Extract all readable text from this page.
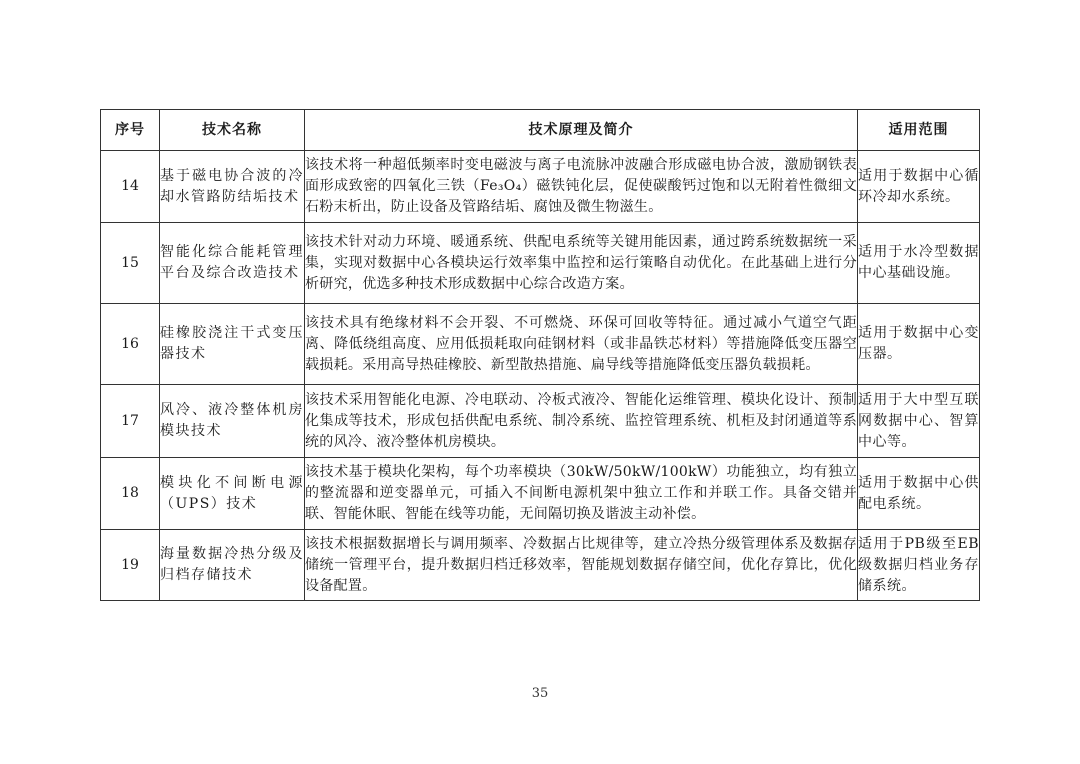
序号	技术名称	技术原理及简介	适用范围
14	基于磁电协合波的冷却水管路防结垢技术	该技术将一种超低频率时变电磁波与离子电流脉冲波融合形成磁电协合波，激励钢铁表面形成致密的四氧化三铁（Fe₃O₄）磁铁钝化层，促使碳酸钙过饱和以无附着性微细文石粉末析出，防止设备及管路结垢、腐蚀及微生物滋生。	适用于数据中心循环冷却水系统。
15	智能化综合能耗管理平台及综合改造技术	该技术针对动力环境、暖通系统、供配电系统等关键用能因素，通过跨系统数据统一采集，实现对数据中心各模块运行效率集中监控和运行策略自动优化。在此基础上进行分析研究，优选多种技术形成数据中心综合改造方案。	适用于水冷型数据中心基础设施。
16	硅橡胶浇注干式变压器技术	该技术具有绝缘材料不会开裂、不可燃烧、环保可回收等特征。通过减小气道空气距离、降低绕组高度、应用低损耗取向硅钢材料（或非晶铁芯材料）等措施降低变压器空载损耗。采用高导热硅橡胶、新型散热措施、扁导线等措施降低变压器负载损耗。	适用于数据中心变压器。
17	风冷、液冷整体机房模块技术	该技术采用智能化电源、冷电联动、冷板式液冷、智能化运维管理、模块化设计、预制化集成等技术，形成包括供配电系统、制冷系统、监控管理系统、机柜及封闭通道等系统的风冷、液冷整体机房模块。	适用于大中型互联网数据中心、智算中心等。
18	模块化不间断电源（UPS）技术	该技术基于模块化架构，每个功率模块（30kW/50kW/100kW）功能独立，均有独立的整流器和逆变器单元，可插入不间断电源机架中独立工作和并联工作。具备交错并联、智能休眠、智能在线等功能，无间隔切换及谐波主动补偿。	适用于数据中心供配电系统。
19	海量数据冷热分级及归档存储技术	该技术根据数据增长与调用频率、冷数据占比规律等，建立冷热分级管理体系及数据存储统一管理平台，提升数据归档迁移效率，智能规划数据存储空间，优化存算比，优化设备配置。	适用于PB级至EB级数据归档业务存储系统。
35
